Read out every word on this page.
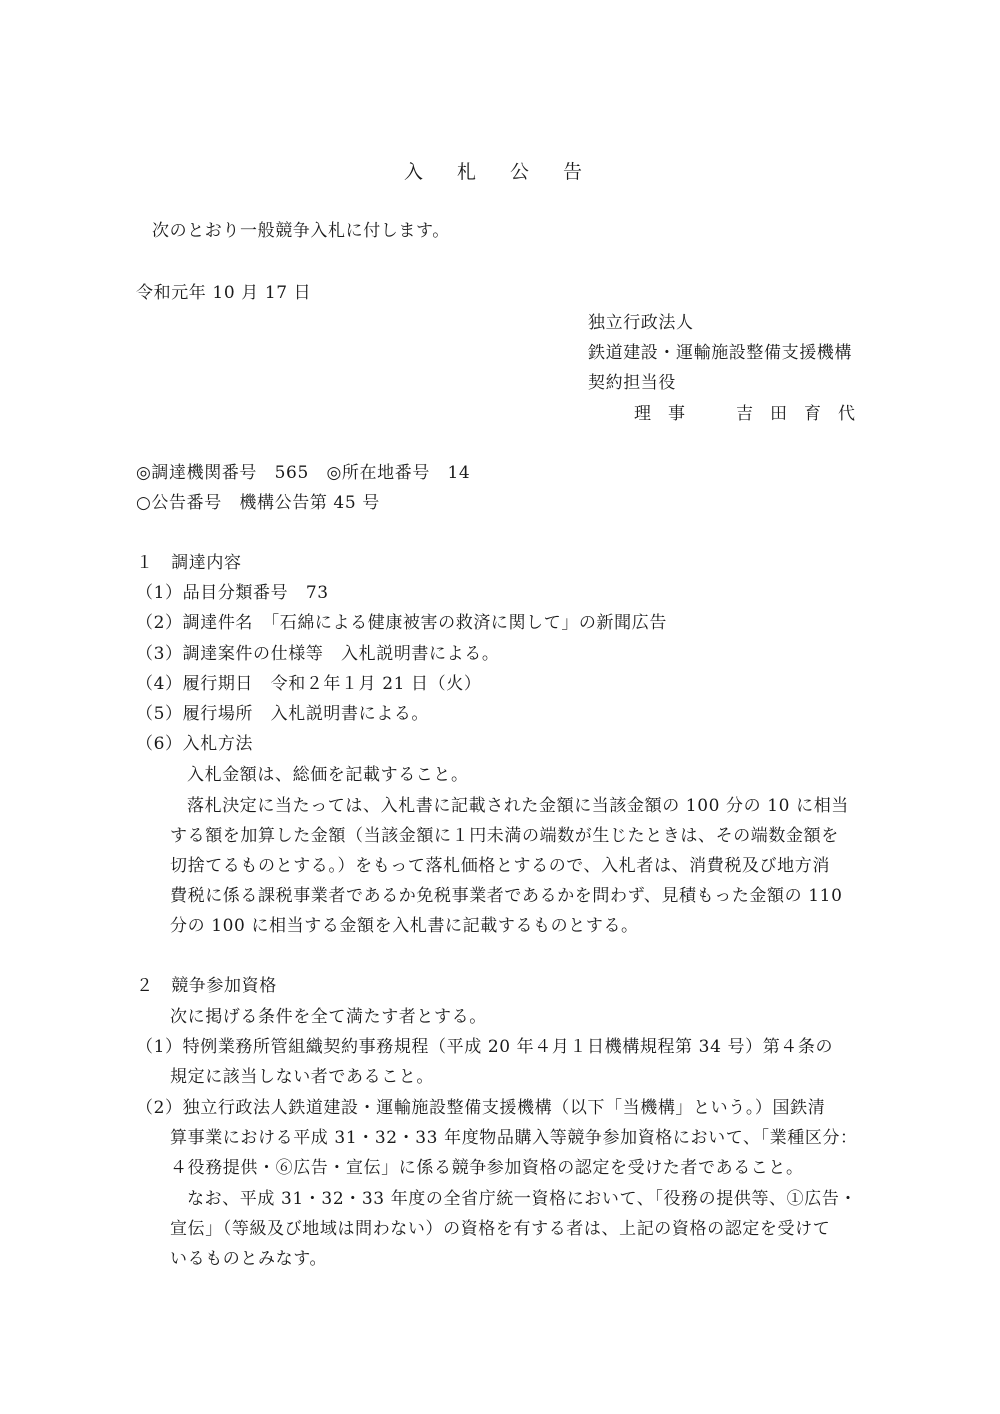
入 札 公 告
次のとおり一般競争入札に付します。
令和元年 10 月 17 日
独立行政法人
鉄道建設・運輸施設整備支援機構
契約担当役
理　事	吉　田　育　代
◎調達機関番号　565　◎所在地番号　14
○公告番号　機構公告第 45 号
１　調達内容
（1）品目分類番号　73
（2）調達件名　「石綿による健康被害の救済に関して」の新聞広告
（3）調達案件の仕様等　入札説明書による。
（4）履行期日　令和２年１月 21 日（火）
（5）履行場所　入札説明書による。
（6）入札方法
入札金額は、総価を記載すること。
落札決定に当たっては、入札書に記載された金額に当該金額の 100 分の 10 に相当
する額を加算した金額（当該金額に１円未満の端数が生じたときは、その端数金額を
切捨てるものとする。）をもって落札価格とするので、入札者は、消費税及び地方消
費税に係る課税事業者であるか免税事業者であるかを問わず、見積もった金額の 110
分の 100 に相当する金額を入札書に記載するものとする。
２　競争参加資格
次に掲げる条件を全て満たす者とする。
（1）特例業務所管組織契約事務規程（平成 20 年４月１日機構規程第 34 号）第４条の
規定に該当しない者であること。
（2）独立行政法人鉄道建設・運輸施設整備支援機構（以下「当機構」という。）国鉄清
算事業における平成 31・32・33 年度物品購入等競争参加資格において、「業種区分：
４役務提供・⑥広告・宣伝」に係る競争参加資格の認定を受けた者であること。
なお、平成 31・32・33 年度の全省庁統一資格において、「役務の提供等、①広告・
宣伝」（等級及び地域は問わない）の資格を有する者は、上記の資格の認定を受けて
いるものとみなす。
